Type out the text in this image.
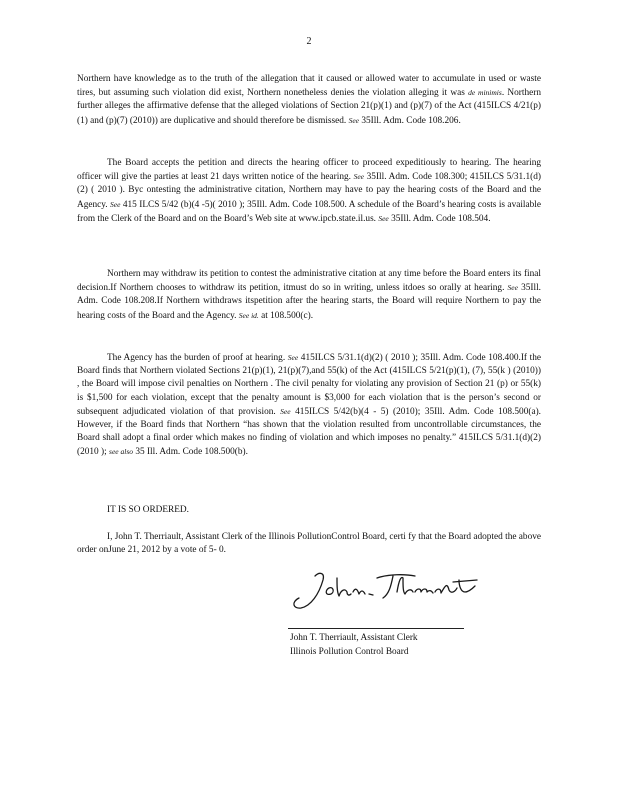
2

Northern have knowledge as to the truth of the allegation that it caused or allowed water to accumulate in used or waste tires, but assuming such violation did exist, Northern nonetheless denies the violation alleging it was de minimis. Northern further alleges the affirmative defense that the alleged violations of Section 21(p)(1) and (p)(7) of the Act (415ILCS 4/21(p)(1) and (p)(7) (2010)) are duplicative and should therefore be dismissed. See 35Ill. Adm. Code 108.206.

The Board accepts the petition and directs the hearing officer to proceed expeditiously to hearing. The hearing officer will give the parties at least 21 days written notice of the hearing. See 35Ill. Adm. Code 108.300; 415ILCS 5/31.1(d)(2) ( 2010 ). Byc ontesting the administrative citation, Northern may have to pay the hearing costs of the Board and the Agency. See 415 ILCS 5/42 (b)(4 -5)( 2010 ); 35Ill. Adm. Code 108.500. A schedule of the Board’s hearing costs is available from the Clerk of the Board and on the Board’s Web site at www.ipcb.state.il.us. See 35Ill. Adm. Code 108.504.

Northern may withdraw its petition to contest the administrative citation at any time before the Board enters its final decision.If Northern chooses to withdraw its petition, itmust do so in writing, unless itdoes so orally at hearing. See 35Ill. Adm. Code 108.208.If Northern withdraws itspetition after the hearing starts, the Board will require Northern to pay the hearing costs of the Board and the Agency. See id. at 108.500(c).

The Agency has the burden of proof at hearing. See 415ILCS 5/31.1(d)(2) ( 2010 ); 35Ill. Adm. Code 108.400.If the Board finds that Northern violated Sections 21(p)(1), 21(p)(7),and 55(k) of the Act (415ILCS 5/21(p)(1), (7), 55(k ) (2010)) , the Board will impose civil penalties on Northern . The civil penalty for violating any provision of Section 21 (p) or 55(k) is $1,500 for each violation, except that the penalty amount is $3,000 for each violation that is the person’s second or subsequent adjudicated violation of that provision. See 415ILCS 5/42(b)(4 - 5) (2010); 35Ill. Adm. Code 108.500(a). However, if the Board finds that Northern “has shown that the violation resulted from uncontrollable circumstances, the Board shall adopt a final order which makes no finding of violation and which imposes no penalty.” 415ILCS 5/31.1(d)(2) (2010 ); see also 35 Ill. Adm. Code 108.500(b).

IT IS SO ORDERED.

I, John T. Therriault, Assistant Clerk of the Illinois PollutionControl Board, certi fy that the Board adopted the above order onJune 21, 2012 by a vote of 5- 0.

John T. Therriault, Assistant Clerk
Illinois Pollution Control Board
